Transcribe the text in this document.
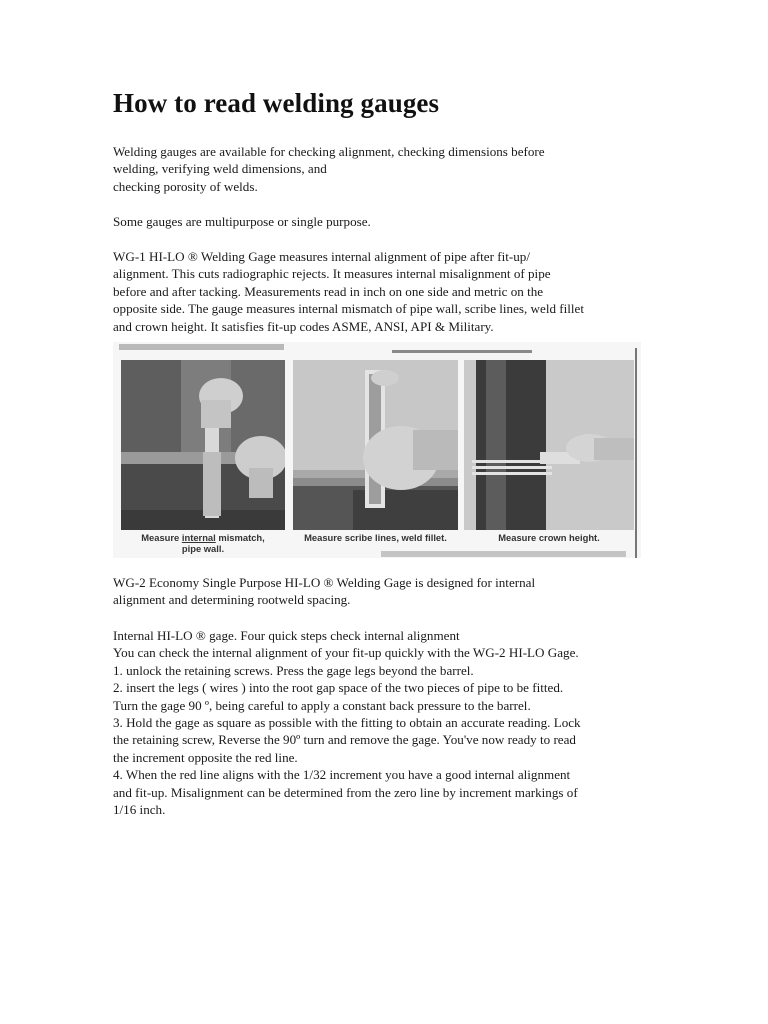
How to read welding gauges

Welding gauges are available for checking alignment, checking dimensions before
welding, verifying weld dimensions, and
checking porosity of welds.

Some gauges are multipurpose or single purpose.

WG-1 HI-LO ® Welding Gage measures internal alignment of pipe after fit-up/
alignment. This cuts radiographic rejects. It measures internal misalignment of pipe
before and after tacking. Measurements read in inch on one side and metric on the
opposite side. The gauge measures internal mismatch of pipe wall, scribe lines, weld fillet
and crown height. It satisfies fit-up codes ASME, ANSI, API & Military.

Measure internal mismatch,
pipe wall.
Measure scribe lines, weld fillet.	Measure crown height.

WG-2 Economy Single Purpose HI-LO ® Welding Gage is designed for internal
alignment and determining rootweld spacing.

Internal HI-LO ® gage. Four quick steps check internal alignment
You can check the internal alignment of your fit-up quickly with the WG-2 HI-LO Gage.
1. unlock the retaining screws. Press the gage legs beyond the barrel.
2. insert the legs ( wires ) into the root gap space of the two pieces of pipe to be fitted.
Turn the gage 90 º, being careful to apply a constant back pressure to the barrel.
3. Hold the gage as square as possible with the fitting to obtain an accurate reading. Lock
the retaining screw, Reverse the 90º turn and remove the gage. You've now ready to read
the increment opposite the red line.
4. When the red line aligns with the 1/32 increment you have a good internal alignment
and fit-up. Misalignment can be determined from the zero line by increment markings of
1/16 inch.
